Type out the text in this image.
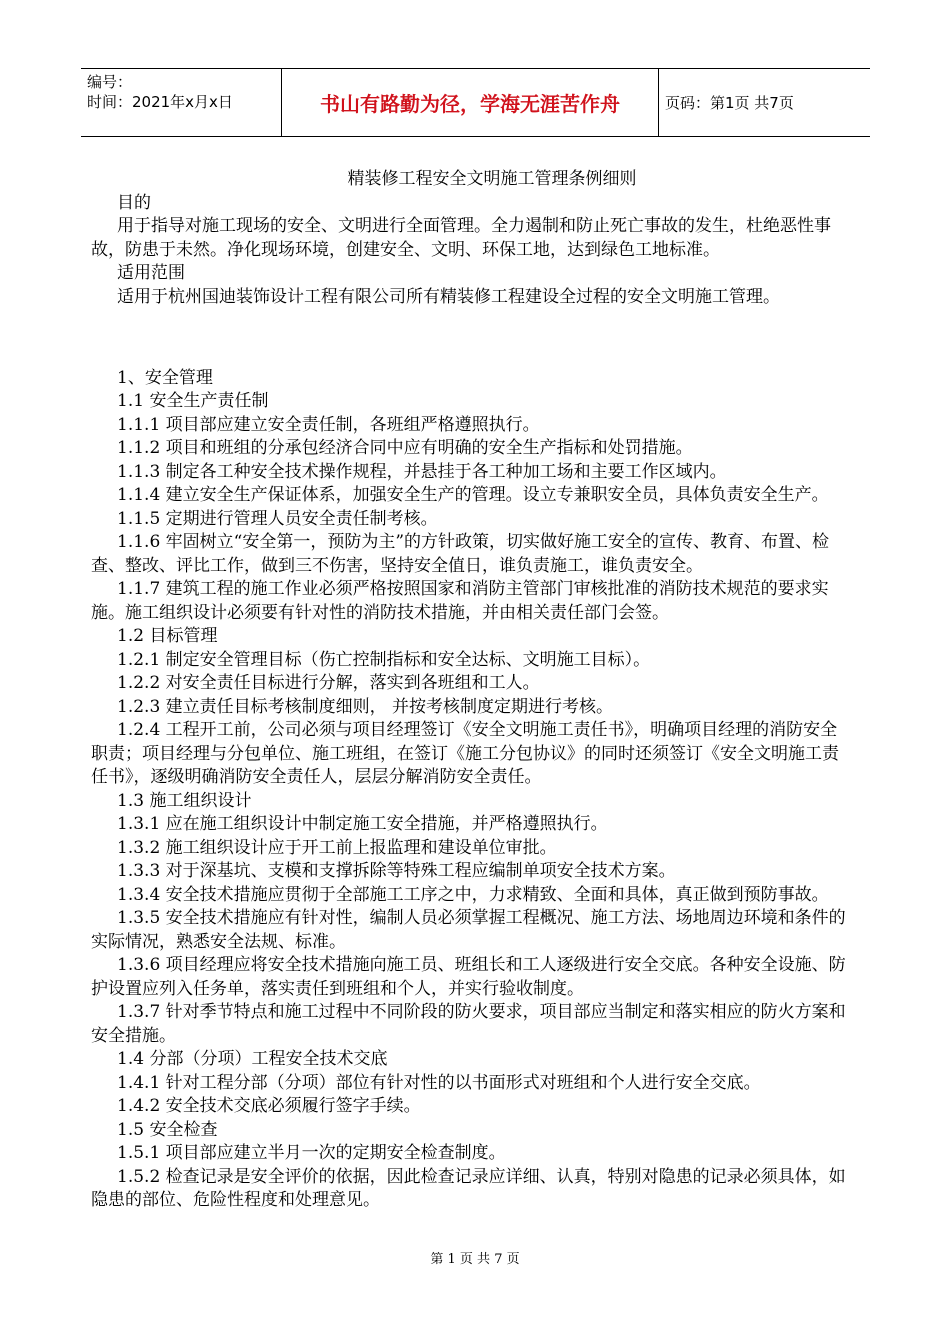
编号：
时间：2021年x月x日	书山有路勤为径，学海无涯苦作舟	页码：第1页 共7页
精装修工程安全文明施工管理条例细则

目的

用于指导对施工现场的安全、文明进行全面管理。全力遏制和防止死亡事故的发生，杜绝恶性事故，防患于未然。净化现场环境，创建安全、文明、环保工地，达到绿色工地标准。

适用范围

适用于杭州国迪装饰设计工程有限公司所有精装修工程建设全过程的安全文明施工管理。

1、安全管理

1.1 安全生产责任制

1.1.1 项目部应建立安全责任制，各班组严格遵照执行。

1.1.2 项目和班组的分承包经济合同中应有明确的安全生产指标和处罚措施。

1.1.3 制定各工种安全技术操作规程，并悬挂于各工种加工场和主要工作区域内。

1.1.4 建立安全生产保证体系，加强安全生产的管理。设立专兼职安全员，具体负责安全生产。

1.1.5 定期进行管理人员安全责任制考核。

1.1.6 牢固树立“安全第一，预防为主”的方针政策，切实做好施工安全的宣传、教育、布置、检查、整改、评比工作，做到三不伤害，坚持安全值日，谁负责施工，谁负责安全。

1.1.7 建筑工程的施工作业必须严格按照国家和消防主管部门审核批准的消防技术规范的要求实施。施工组织设计必须要有针对性的消防技术措施，并由相关责任部门会签。

1.2 目标管理

1.2.1 制定安全管理目标（伤亡控制指标和安全达标、文明施工目标）。

1.2.2 对安全责任目标进行分解，落实到各班组和工人。

1.2.3 建立责任目标考核制度细则， 并按考核制度定期进行考核。

1.2.4 工程开工前，公司必须与项目经理签订《安全文明施工责任书》，明确项目经理的消防安全职责；项目经理与分包单位、施工班组，在签订《施工分包协议》的同时还须签订《安全文明施工责任书》，逐级明确消防安全责任人，层层分解消防安全责任。

1.3 施工组织设计

1.3.1 应在施工组织设计中制定施工安全措施，并严格遵照执行。

1.3.2 施工组织设计应于开工前上报监理和建设单位审批。

1.3.3 对于深基坑、支模和支撑拆除等特殊工程应编制单项安全技术方案。

1.3.4 安全技术措施应贯彻于全部施工工序之中，力求精致、全面和具体，真正做到预防事故。

1.3.5 安全技术措施应有针对性，编制人员必须掌握工程概况、施工方法、场地周边环境和条件的实际情况，熟悉安全法规、标准。

1.3.6 项目经理应将安全技术措施向施工员、班组长和工人逐级进行安全交底。各种安全设施、防护设置应列入任务单，落实责任到班组和个人，并实行验收制度。

1.3.7 针对季节特点和施工过程中不同阶段的防火要求，项目部应当制定和落实相应的防火方案和安全措施。

1.4 分部（分项）工程安全技术交底

1.4.1 针对工程分部（分项）部位有针对性的以书面形式对班组和个人进行安全交底。

1.4.2 安全技术交底必须履行签字手续。

1.5 安全检查

1.5.1 项目部应建立半月一次的定期安全检查制度。

1.5.2 检查记录是安全评价的依据，因此检查记录应详细、认真，特别对隐患的记录必须具体，如隐患的部位、危险性程度和处理意见。

第 1 页 共 7 页
